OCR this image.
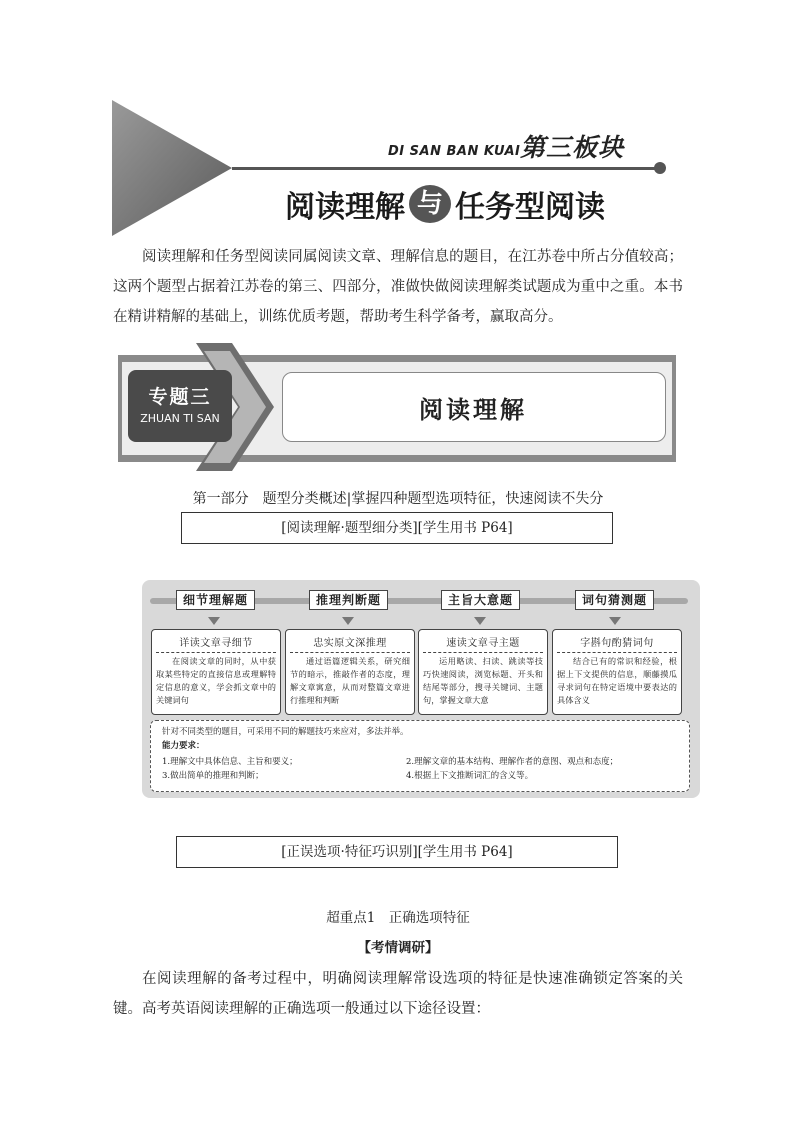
DI SAN BAN KUAI 第三板块
阅读理解 与 任务型阅读
阅读理解和任务型阅读同属阅读文章、理解信息的题目，在江苏卷中所占分值较高；这两个题型占据着江苏卷的第三、四部分，准做快做阅读理解类试题成为重中之重。本书在精讲精解的基础上，训练优质考题，帮助考生科学备考，赢取高分。
专题三
ZHUAN TI SAN	阅读理解
第一部分　题型分类概述|掌握四种题型选项特征，快速阅读不失分
[阅读理解·题型细分类][学生用书 P64]
细节理解题	推理判断题	主旨大意题	词句猜测题
详读文章寻细节
在阅读文章的同时，从中获取某些特定的直接信息或理解特定信息的意义，学会抓文章中的关键词句
忠实原文深推理
通过语篇逻辑关系，研究细节的暗示，推敲作者的态度，理解文章寓意，从而对整篇文章进行推理和判断
速读文章寻主题
运用略读、扫读、跳读等技巧快速阅读，浏览标题、开头和结尾等部分，搜寻关键词、主题句，掌握文章大意
字斟句酌猜词句
结合已有的常识和经验，根据上下文提供的信息，顺藤摸瓜寻求词句在特定语境中要表达的具体含义
针对不同类型的题目，可采用不同的解题技巧来应对，多法并举。
能力要求：
1.理解文中具体信息、主旨和要义；	2.理解文章的基本结构、理解作者的意图、观点和态度；
3.做出简单的推理和判断；	4.根据上下文推断词汇的含义等。
[正误选项·特征巧识别][学生用书 P64]
超重点1　正确选项特征
【考情调研】
在阅读理解的备考过程中，明确阅读理解常设选项的特征是快速准确锁定答案的关键。高考英语阅读理解的正确选项一般通过以下途径设置：
